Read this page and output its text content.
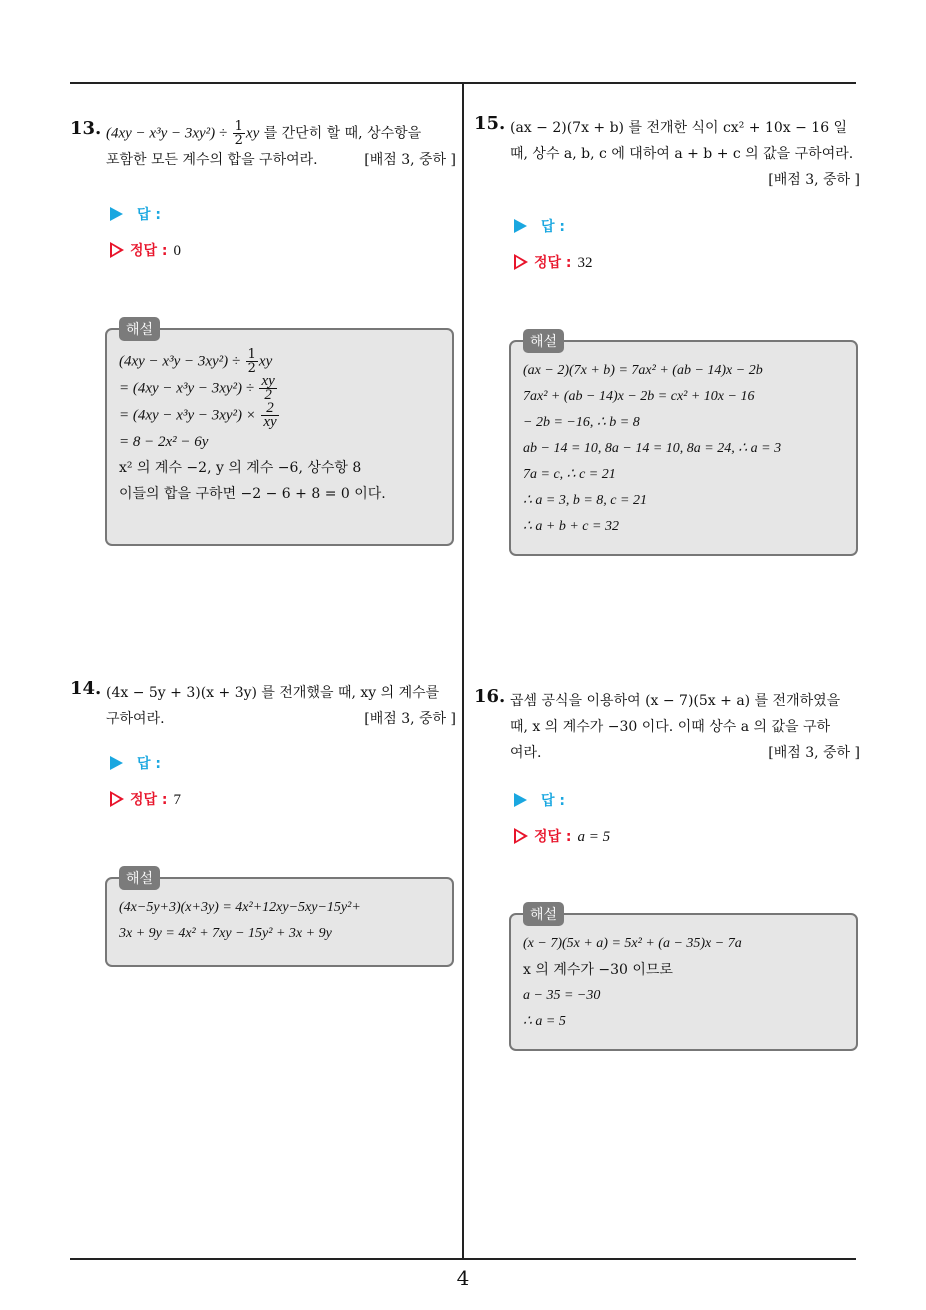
4
13. $(4xy - x^3y - 3xy^2) \div \frac{1}{2}$ xy 를 간단히 할 때, 상수항을
포함한 모든 계수의 합을 구하여라.	[배점 3, 중하 ]
답 :
정답 : 0
해설
$(4xy - x^3y - 3xy^2) \div \frac{1}{2}$ xy
= $(4xy - x^3y - 3xy^2) \div \frac{xy}{2}$
= $(4xy - x^3y - 3xy^2) \times \frac{2}{xy}$
= 8 − 2x² − 6y
x² 의 계수 −2, y 의 계수 −6, 상수항 8
이들의 합을 구하면 −2 − 6 + 8 = 0 이다.
14. (4x − 5y + 3)(x + 3y) 를 전개했을 때, xy 의 계수를
구하여라.	[배점 3, 중하 ]
답 :
정답 : 7
해설
(4x−5y+3)(x+3y) = 4x²+12xy−5xy−15y²+
3x + 9y = 4x² + 7xy − 15y² + 3x + 9y
15. (ax − 2)(7x + b) 를 전개한 식이 cx² + 10x − 16 일
때, 상수 a, b, c 에 대하여 a + b + c 의 값을 구하여라.
[배점 3, 중하 ]
답 :
정답 : 32
해설
(ax − 2)(7x + b) = 7ax² + (ab − 14)x − 2b
7ax² + (ab − 14)x − 2b = cx² + 10x − 16
− 2b = −16, ∴ b = 8
ab − 14 = 10, 8a − 14 = 10, 8a = 24, ∴ a = 3
7a = c, ∴ c = 21
∴ a = 3, b = 8, c = 21
∴ a + b + c = 32
16. 곱셈 공식을 이용하여 (x − 7)(5x + a) 를 전개하였을
때, x 의 계수가 −30 이다. 이때 상수 a 의 값을 구하
여라.	[배점 3, 중하 ]
답 :
정답 : a = 5
해설
(x − 7)(5x + a) = 5x² + (a − 35)x − 7a
x 의 계수가 −30 이므로
a − 35 = −30
∴ a = 5
